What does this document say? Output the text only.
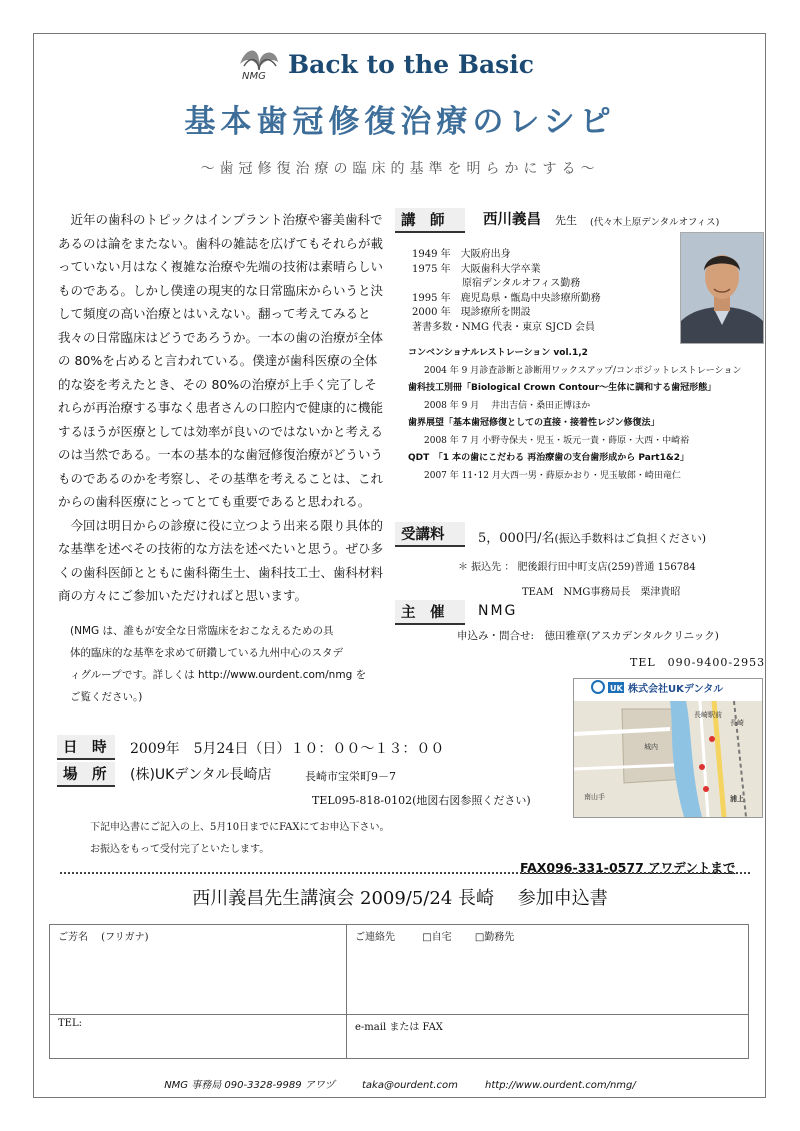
NMG Back to the Basic
基本歯冠修復治療のレシピ
～歯冠修復治療の臨床的基準を明らかにする～

近年の歯科のトピックはインプラント治療や審美歯科であるのは論をまたない。歯科の雑誌を広げてもそれらが載っていない月はなく複雑な治療や先端の技術は素晴らしいものである。しかし僕達の現実的な日常臨床からいうと決して頻度の高い治療とはいえない。翻って考えてみると我々の日常臨床はどうであろうか。一本の歯の治療が全体の 80%を占めると言われている。僕達が歯科医療の全体的な姿を考えたとき、その 80%の治療が上手く完了しそれらが再治療する事なく患者さんの口腔内で健康的に機能するほうが医療としては効率が良いのではないかと考えるのは当然である。一本の基本的な歯冠修復治療がどういうものであるのかを考察し、その基準を考えることは、これからの歯科医療にとってとても重要であると思われる。

今回は明日からの診療に役に立つよう出来る限り具体的な基準を述べその技術的な方法を述べたいと思う。ぜひ多くの歯科医師とともに歯科衛生士、歯科技工士、歯科材料商の方々にご参加いただければと思います。

(NMG は、誰もが安全な日常臨床をおこなえるための具
体的臨床的な基準を求めて研鑽している九州中心のスタデ
ィグループです。詳しくは http://www.ourdent.com/nmg を
ご覧ください。)
講　師	西川義昌 先生 (代々木上原デンタルオフィス)
1949 年　大阪府出身
1975 年　大阪歯科大学卒業
　　　　　原宿デンタルオフィス勤務
1995 年　鹿児島県・甑島中央診療所勤務
2000 年　現診療所を開設
著書多数・NMG 代表・東京 SJCD 会員
コンベンショナルレストレーション vol.1,2
2004 年 9 月診査診断と診断用ワックスアップ/コンポジットレストレーション
歯科技工別冊「Biological Crown Contour～生体に調和する歯冠形態」
2008 年 9 月　 井出吉信・桑田正博ほか
歯界展望「基本歯冠修復としての直接・接着性レジン修復法」
2008 年 7 月 小野寺保夫・児玉・坂元一貴・蒔原・大西・中崎裕
QDT　「1 本の歯にこだわる 再治療歯の支台歯形成から Part1&2」
2007 年 11･12 月大西一男・蒔原かおり・児玉敏郎・崎田竜仁
受講料	5，000円/名(振込手数料はご負担ください)
＊ 振込先 ： 肥後銀行田中町支店(259)普通 156784
TEAM　NMG事務局長　栗津貴昭
主　催	NMG
申込み・問合せ:　徳田雅章(アスカデンタルクリニック)
TEL　090-9400-2953
UK 株式会社UKデンタル
長崎
浦上
城内
南山手
長崎駅前
日　時	2009年　5月24日（日）１０：００～１３：００
場　所	(株)UKデンタル長崎店	長崎市宝栄町9－7
TEL095-818-0102(地図右図参照ください)
下記申込書にご記入の上、5月10日までにFAXにてお申込下さい。
お振込をもって受付完了といたします。
FAX096-331-0577 アワデントまで
西川義昌先生講演会 2009/5/24 長崎　 参加申込書
ご芳名　 (フリガナ)	ご連絡先 □自宅 □勤務先
TEL:	e-mail または FAX
NMG 事務局 090-3328-9989 アワヅ	taka@ourdent.com	http://www.ourdent.com/nmg/
